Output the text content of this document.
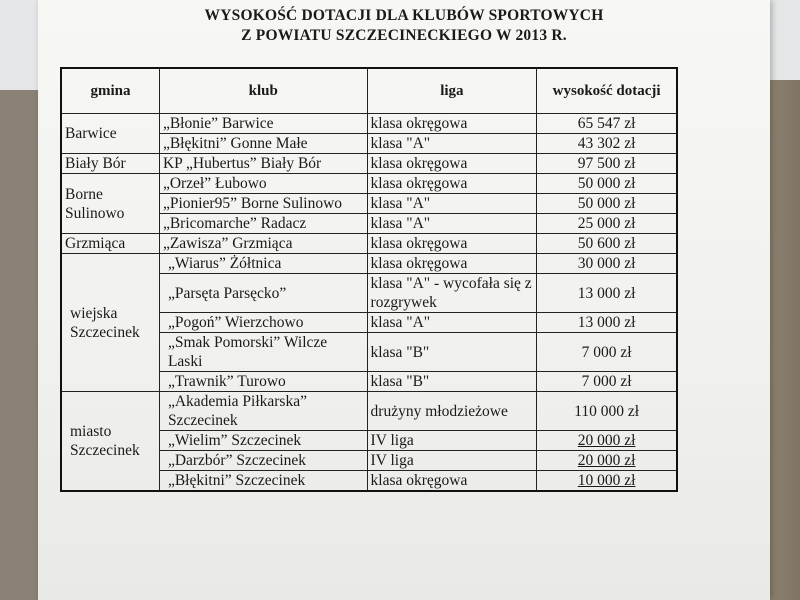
WYSOKOŚĆ DOTACJI DLA KLUBÓW SPORTOWYCH
Z POWIATU SZCZECINECKIEGO W 2013 R.
gmina	klub	liga	wysokość dotacji
Barwice	„Błonie” Barwice	klasa okręgowa	65 547 zł
	„Błękitni” Gonne Małe	klasa "A"	43 302 zł
Biały Bór	KP „Hubertus” Biały Bór	klasa okręgowa	97 500 zł
Borne Sulinowo	„Orzeł” Łubowo	klasa okręgowa	50 000 zł
	„Pionier95” Borne Sulinowo	klasa "A"	50 000 zł
	„Bricomarche” Radacz	klasa "A"	25 000 zł
Grzmiąca	„Zawisza” Grzmiąca	klasa okręgowa	50 600 zł
wiejska Szczecinek	„Wiarus” Żółtnica	klasa okręgowa	30 000 zł
	„Parsęta Parsęcko”	klasa "A" - wycofała się z rozgrywek	13 000 zł
	„Pogoń” Wierzchowo	klasa "A"	13 000 zł
	„Smak Pomorski” Wilcze Laski	klasa "B"	7 000 zł
	„Trawnik” Turowo	klasa "B"	7 000 zł
miasto Szczecinek	„Akademia Piłkarska” Szczecinek	drużyny młodzieżowe	110 000 zł
	„Wielim” Szczecinek	IV liga	20 000 zł
	„Darzbór” Szczecinek	IV liga	20 000 zł
	„Błękitni” Szczecinek	klasa okręgowa	10 000 zł
